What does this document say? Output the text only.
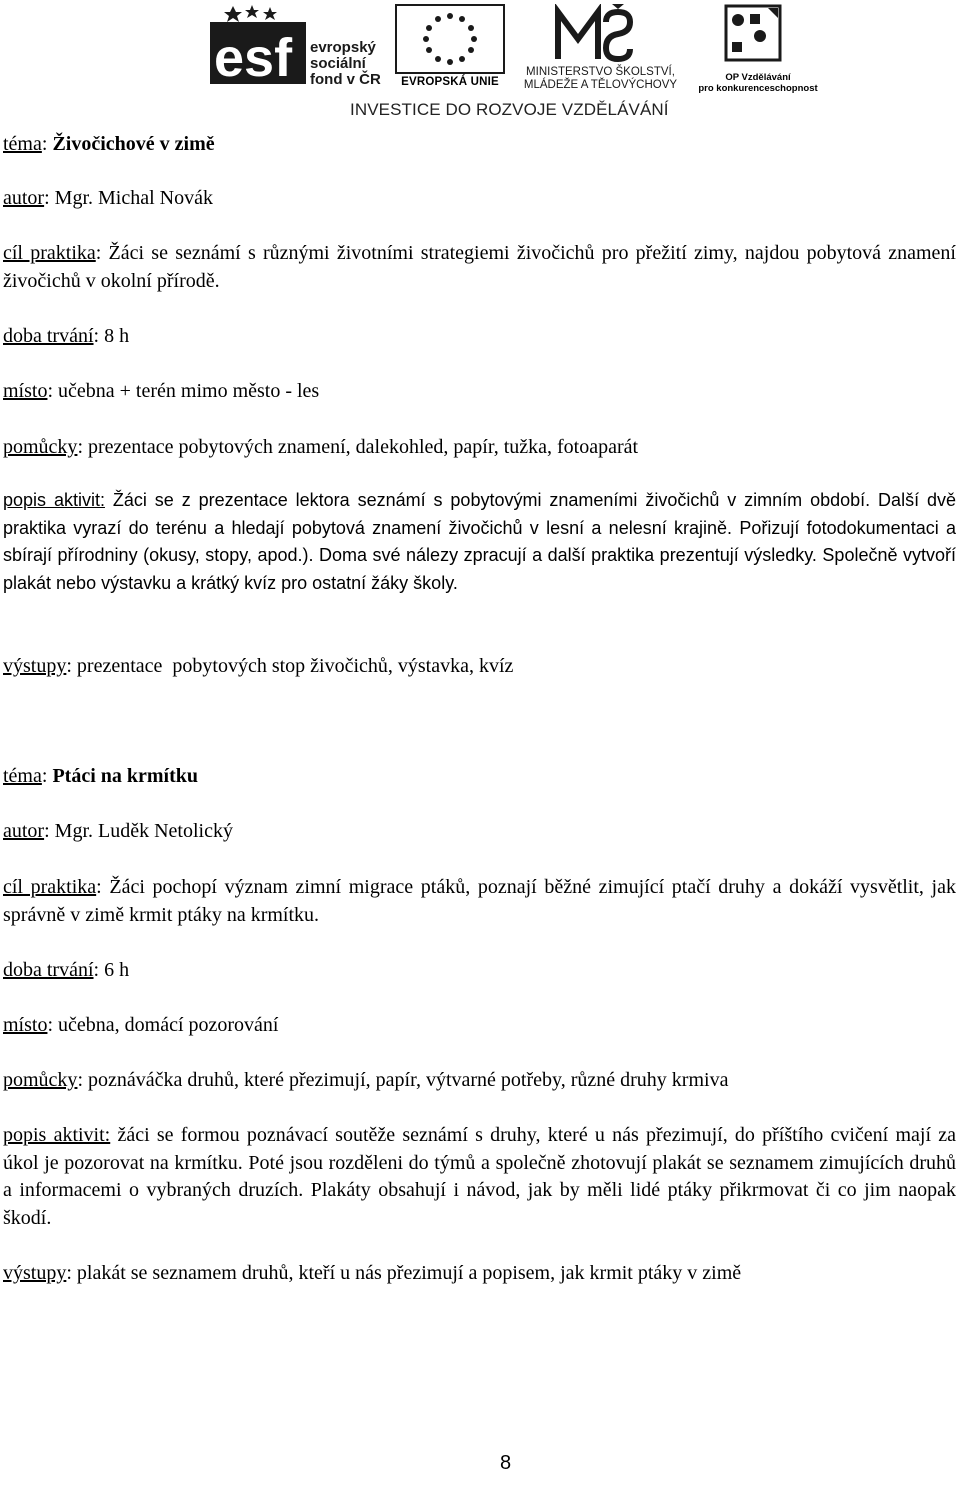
esf evropský
sociální
fond v ČR	EVROPSKÁ UNIE
MINISTERSTVO ŠKOLSTVÍ,
MLÁDEŽE A TĚLOVÝCHOVY
OP Vzdělávání
pro konkurenceschopnost
INVESTICE DO ROZVOJE VZDĚLÁVÁNÍ
téma: Živočichové v zimě
autor: Mgr. Michal Novák
cíl praktika: Žáci se seznámí s různými životními strategiemi živočichů pro přežití zimy, najdou pobytová znamení živočichů v okolní přírodě.
doba trvání: 8 h
místo: učebna + terén mimo město - les
pomůcky: prezentace pobytových znamení, dalekohled, papír, tužka, fotoaparát
popis aktivit: Žáci se z prezentace lektora seznámí s pobytovými znameními živočichů v zimním období. Další dvě praktika vyrazí do terénu a hledají pobytová znamení živočichů v lesní a nelesní krajině. Pořizují fotodokumentaci a sbírají přírodniny (okusy, stopy, apod.). Doma své nálezy zpracují a další praktika prezentují výsledky. Společně vytvoří plakát nebo výstavku a krátký kvíz pro ostatní žáky školy.
výstupy: prezentace  pobytových stop živočichů, výstavka, kvíz
téma: Ptáci na krmítku
autor: Mgr. Luděk Netolický
cíl praktika: Žáci pochopí význam zimní migrace ptáků, poznají běžné zimující ptačí druhy a dokáží vysvětlit, jak správně v zimě krmit ptáky na krmítku.
doba trvání: 6 h
místo: učebna, domácí pozorování
pomůcky: poznáváčka druhů, které přezimují, papír, výtvarné potřeby, různé druhy krmiva
popis aktivit: žáci se formou poznávací soutěže seznámí s druhy, které u nás přezimují, do příštího cvičení mají za úkol je pozorovat na krmítku. Poté jsou rozděleni do týmů a společně zhotovují plakát se seznamem zimujících druhů a informacemi o vybraných druzích. Plakáty obsahují i návod, jak by měli lidé ptáky přikrmovat či co jim naopak škodí.
výstupy: plakát se seznamem druhů, kteří u nás přezimují a popisem, jak krmit ptáky v zimě
8
